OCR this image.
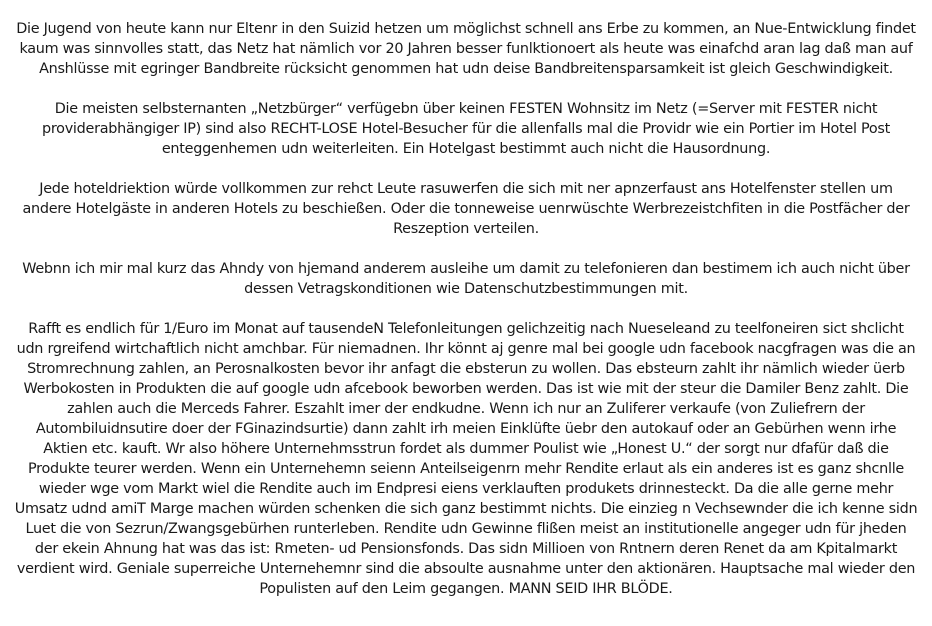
Die Jugend von heute kann nur Eltenr in den Suizid hetzen um möglichst schnell ans Erbe zu kommen, an Nue-Entwicklung findet
kaum was sinnvolles statt, das Netz hat nämlich vor 20 Jahren besser funlktionoert als heute was einafchd aran lag daß man auf
Anshlüsse mit egringer Bandbreite rücksicht genommen hat udn deise Bandbreitensparsamkeit ist gleich Geschwindigkeit.

Die meisten selbsternanten „Netzbürger“ verfügebn über keinen FESTEN Wohnsitz im Netz (=Server mit FESTER nicht
providerabhängiger IP) sind also RECHT-LOSE Hotel-Besucher für die allenfalls mal die Providr wie ein Portier im Hotel Post
enteggenhemen udn weiterleiten. Ein Hotelgast bestimmt auch nicht die Hausordnung.

Jede hoteldriektion würde vollkommen zur rehct Leute rasuwerfen die sich mit ner apnzerfaust ans Hotelfenster stellen um
andere Hotelgäste in anderen Hotels zu beschießen. Oder die tonneweise uenrwüschte Werbrezeistchfiten in die Postfächer der
Reszeption verteilen.

Webnn ich mir mal kurz das Ahndy von hjemand anderem ausleihe um damit zu telefonieren dan bestimem ich auch nicht über
dessen Vetragskonditionen wie Datenschutzbestimmungen mit.

Rafft es endlich für 1/Euro im Monat auf tausendeN Telefonleitungen gelichzeitig nach Nueseleand zu teelfoneiren sict shclicht
udn rgreifend wirtchaftlich nicht amchbar. Für niemadnen. Ihr könnt aj genre mal bei google udn facebook nacgfragen was die an
Stromrechnung zahlen, an Perosnalkosten bevor ihr anfagt die ebsterun zu wollen. Das ebsteurn zahlt ihr nämlich wieder üerb
Werbokosten in Produkten die auf google udn afcebook beworben werden. Das ist wie mit der steur die Damiler Benz zahlt. Die
zahlen auch die Merceds Fahrer. Eszahlt imer der endkudne. Wenn ich nur an Zuliferer verkaufe (von Zuliefrern der
Autombiluidnsutire doer der FGinazindsurtie) dann zahlt irh meien Einklüfte üebr den autokauf oder an Gebürhen wenn irhe
Aktien etc. kauft. Wr also höhere Unternehmsstrun fordet als dummer Poulist wie „Honest U.“ der sorgt nur dfafür daß die
Produkte teurer werden. Wenn ein Unternehemn seienn Anteilseigenrn mehr Rendite erlaut als ein anderes ist es ganz shcnlle
wieder wge vom Markt wiel die Rendite auch im Endpresi eiens verklauften produkets drinnesteckt. Da die alle gerne mehr
Umsatz udnd amiT Marge machen würden schenken die sich ganz bestimmt nichts. Die einzieg n Vechsewnder die ich kenne sidn
Luet die von Sezrun/Zwangsgebürhen runterleben. Rendite udn Gewinne flißen meist an institutionelle angeger udn für jheden
der ekein Ahnung hat was das ist: Rmeten- ud Pensionsfonds. Das sidn Millioen von Rntnern deren Renet da am Kpitalmarkt
verdient wird. Geniale superreiche Unternehemnr sind die absoulte ausnahme unter den aktionären. Hauptsache mal wieder den
Populisten auf den Leim gegangen. MANN SEID IHR BLÖDE.
